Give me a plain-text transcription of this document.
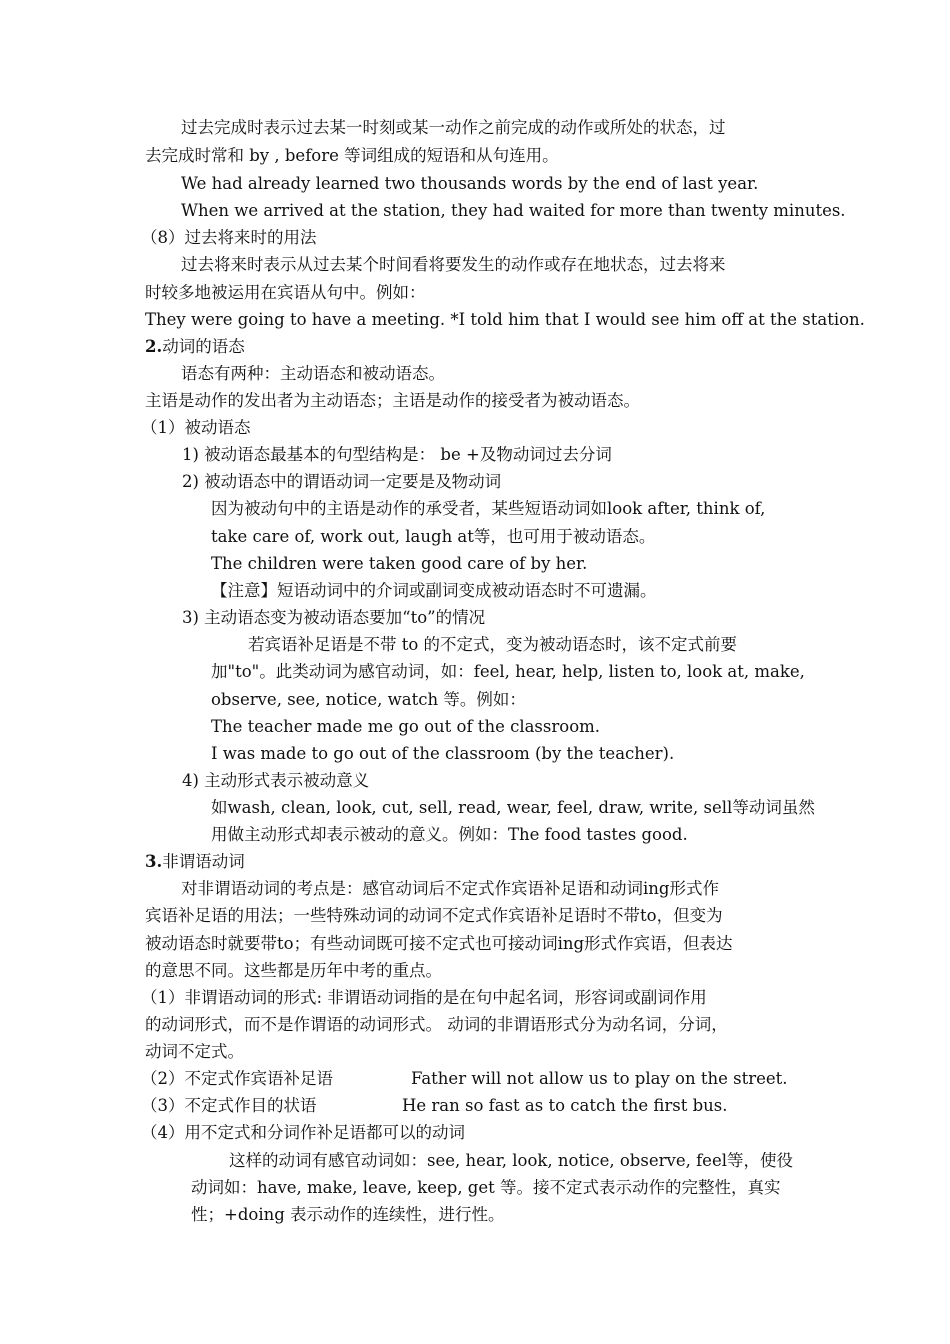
过去完成时表示过去某一时刻或某一动作之前完成的动作或所处的状态，过
去完成时常和 by , before 等词组成的短语和从句连用。
We had already learned two thousands words by the end of last year.
When we arrived at the station, they had waited for more than twenty minutes.
（8）过去将来时的用法
过去将来时表示从过去某个时间看将要发生的动作或存在地状态，过去将来
时较多地被运用在宾语从句中。例如：
They were going to have a meeting. *I told him that I would see him off at the station.
2.动词的语态
语态有两种：主动语态和被动语态。
主语是动作的发出者为主动语态；主语是动作的接受者为被动语态。
（1）被动语态
1) 被动语态最基本的句型结构是： be +及物动词过去分词
2) 被动语态中的谓语动词一定要是及物动词
因为被动句中的主语是动作的承受者，某些短语动词如look after, think of,
take care of, work out, laugh at等，也可用于被动语态。
The children were taken good care of by her.
【注意】短语动词中的介词或副词变成被动语态时不可遗漏。
3) 主动语态变为被动语态要加“to”的情况
若宾语补足语是不带 to 的不定式，变为被动语态时，该不定式前要
加"to"。此类动词为感官动词，如：feel, hear, help, listen to, look at, make,
observe, see, notice, watch 等。例如：
The teacher made me go out of the classroom.
I was made to go out of the classroom (by the teacher).
4) 主动形式表示被动意义
如wash, clean, look, cut, sell, read, wear, feel, draw, write, sell等动词虽然
用做主动形式却表示被动的意义。例如：The food tastes good.
3.非谓语动词
对非谓语动词的考点是：感官动词后不定式作宾语补足语和动词ing形式作
宾语补足语的用法；一些特殊动词的动词不定式作宾语补足语时不带to，但变为
被动语态时就要带to；有些动词既可接不定式也可接动词ing形式作宾语，但表达
的意思不同。这些都是历年中考的重点。
（1）非谓语动词的形式: 非谓语动词指的是在句中起名词，形容词或副词作用
的动词形式，而不是作谓语的动词形式。 动词的非谓语形式分为动名词，分词，
动词不定式。
（2）不定式作宾语补足语	Father will not allow us to play on the street.
（3）不定式作目的状语	He ran so fast as to catch the first bus.
（4）用不定式和分词作补足语都可以的动词
这样的动词有感官动词如：see, hear, look, notice, observe, feel等，使役
动词如：have, make, leave, keep, get 等。接不定式表示动作的完整性，真实
性；+doing 表示动作的连续性，进行性。
